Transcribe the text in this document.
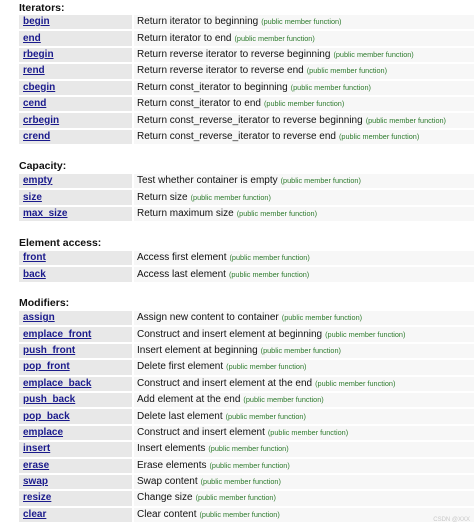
Iterators:
begin	Return iterator to beginning (public member function)
end	Return iterator to end (public member function)
rbegin	Return reverse iterator to reverse beginning (public member function)
rend	Return reverse iterator to reverse end (public member function)
cbegin	Return const_iterator to beginning (public member function)
cend	Return const_iterator to end (public member function)
crbegin	Return const_reverse_iterator to reverse beginning (public member function)
crend	Return const_reverse_iterator to reverse end (public member function)
Capacity:
empty	Test whether container is empty (public member function)
size	Return size (public member function)
max_size	Return maximum size (public member function)
Element access:
front	Access first element (public member function)
back	Access last element (public member function)
Modifiers:
assign	Assign new content to container (public member function)
emplace_front	Construct and insert element at beginning (public member function)
push_front	Insert element at beginning (public member function)
pop_front	Delete first element (public member function)
emplace_back	Construct and insert element at the end (public member function)
push_back	Add element at the end (public member function)
pop_back	Delete last element (public member function)
emplace	Construct and insert element (public member function)
insert	Insert elements (public member function)
erase	Erase elements (public member function)
swap	Swap content (public member function)
resize	Change size (public member function)
clear	Clear content (public member function)
CSDN @XXX
